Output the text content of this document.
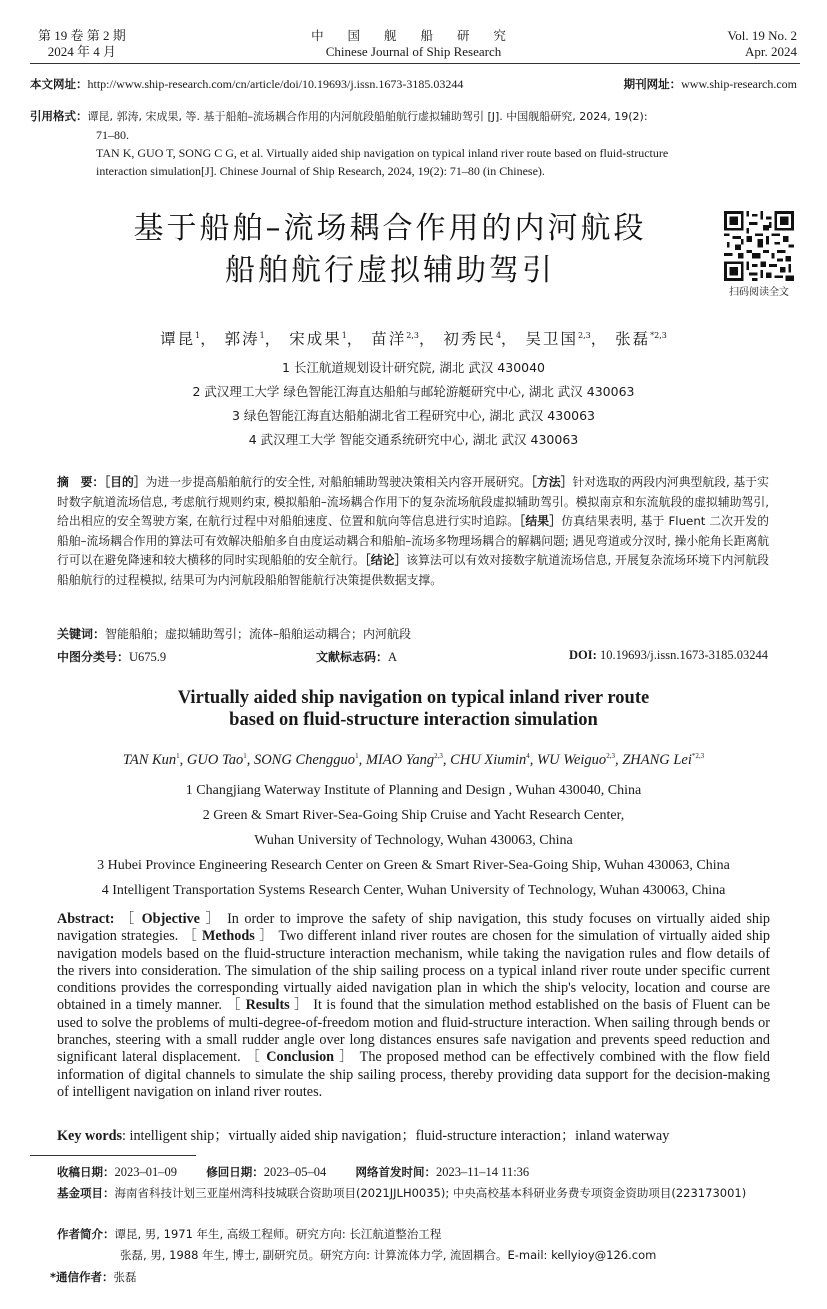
第 19 卷 第 2 期
2024 年 4 月
中 国 舰 船 研 究
Chinese Journal of Ship Research
Vol. 19 No. 2
Apr. 2024
本文网址：http://www.ship-research.com/cn/article/doi/10.19693/j.issn.1673-3185.03244	期刊网址：www.ship-research.com
引用格式：谭昆, 郭涛, 宋成果, 等. 基于船舶–流场耦合作用的内河航段船舶航行虚拟辅助驾引 [J]. 中国舰船研究, 2024, 19(2):
71–80.
TAN K, GUO T, SONG C G, et al. Virtually aided ship navigation on typical inland river route based on fluid-structure
interaction simulation[J]. Chinese Journal of Ship Research, 2024, 19(2): 71–80 (in Chinese).
基于船舶–流场耦合作用的内河航段
船舶航行虚拟辅助驾引
扫码阅读全文
谭昆$^1$， 郭涛$^1$， 宋成果$^1$， 苗洋$^{2,3}$， 初秀民$^4$， 吴卫国$^{2,3}$， 张磊$^{*2,3}$
1 长江航道规划设计研究院, 湖北 武汉 430040
2 武汉理工大学 绿色智能江海直达船舶与邮轮游艇研究中心, 湖北 武汉 430063
3 绿色智能江海直达船舶湖北省工程研究中心, 湖北 武汉 430063
4 武汉理工大学 智能交通系统研究中心, 湖北 武汉 430063
摘　要：［目的］为进一步提高船舶航行的安全性, 对船舶辅助驾驶决策相关内容开展研究。［方法］针对选取的两段内河典型航段, 基于实时数字航道流场信息, 考虑航行规则约束, 模拟船舶–流场耦合作用下的复杂流场航段虚拟辅助驾引。模拟南京和东流航段的虚拟辅助驾引, 给出相应的安全驾驶方案, 在航行过程中对船舶速度、位置和航向等信息进行实时追踪。［结果］仿真结果表明, 基于 Fluent 二次开发的船舶–流场耦合作用的算法可有效解决船舶多自由度运动耦合和船舶–流场多物理场耦合的解耦问题; 遇见弯道或分汊时, 操小舵角长距离航行可以在避免降速和较大横移的同时实现船舶的安全航行。［结论］该算法可以有效对接数字航道流场信息, 开展复杂流场环境下内河航段船舶航行的过程模拟, 结果可为内河航段船舶智能航行决策提供数据支撑。
关键词：智能船舶；虚拟辅助驾引；流体–船舶运动耦合；内河航段
中图分类号：U675.9	文献标志码：A	DOI: 10.19693/j.issn.1673-3185.03244
Virtually aided ship navigation on typical inland river route
based on fluid-structure interaction simulation
TAN Kun$^1$, GUO Tao$^1$, SONG Chengguo$^1$, MIAO Yang$^{2,3}$, CHU Xiumin$^4$, WU Weiguo$^{2,3}$, ZHANG Lei$^{*2,3}$
1 Changjiang Waterway Institute of Planning and Design , Wuhan 430040, China
2 Green & Smart River-Sea-Going Ship Cruise and Yacht Research Center,
Wuhan University of Technology, Wuhan 430063, China
3 Hubei Province Engineering Research Center on Green & Smart River-Sea-Going Ship, Wuhan 430063, China
4 Intelligent Transportation Systems Research Center, Wuhan University of Technology, Wuhan 430063, China
Abstract: ［ Objective ］ In order to improve the safety of ship navigation, this study focuses on virtually aided ship navigation strategies. ［ Methods ］ Two different inland river routes are chosen for the simulation of virtually aided ship navigation models based on the fluid-structure interaction mechanism, while taking the navigation rules and flow details of the rivers into consideration. The simulation of the ship sailing process on a typical inland river route under specific current conditions provides the corresponding virtually aided navigation plan in which the ship's velocity, location and course are obtained in a timely manner. ［ Results ］ It is found that the simulation method established on the basis of Fluent can be used to solve the problems of multi-degree-of-freedom motion and fluid-structure interaction. When sailing through bends or branches, steering with a small rudder angle over long distances ensures safe navigation and prevents speed reduction and significant lateral displacement. ［ Conclusion ］ The proposed method can be effectively combined with the flow field information of digital channels to simulate the ship sailing process, thereby providing data support for the decision-making of intelligent navigation on inland river routes.
Key words: intelligent ship；virtually aided ship navigation；fluid-structure interaction；inland waterway
收稿日期：2023–01–09	修回日期：2023–05–04	网络首发时间：2023–11–14 11:36
基金项目：海南省科技计划三亚崖州湾科技城联合资助项目(2021JJLH0035); 中央高校基本科研业务费专项资金资助项目(223173001)
作者简介：谭昆, 男, 1971 年生, 高级工程师。研究方向: 长江航道整治工程
张磊, 男, 1988 年生, 博士, 副研究员。研究方向: 计算流体力学, 流固耦合。E-mail: kellyioy@126.com
*通信作者：张磊
